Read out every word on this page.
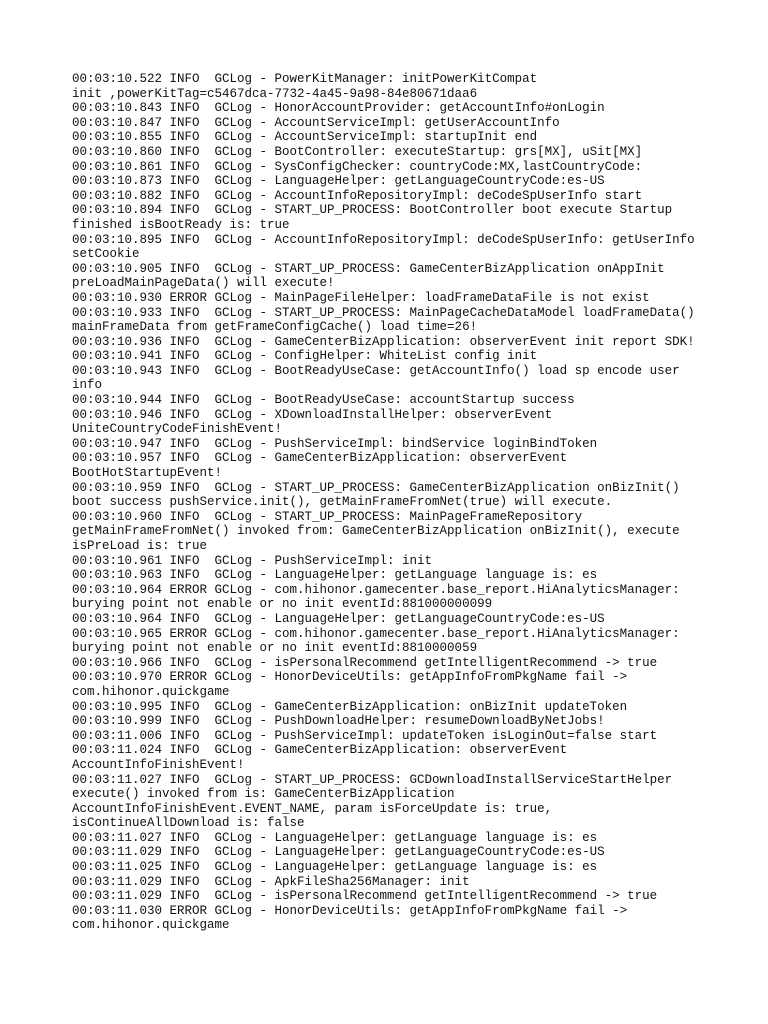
00:03:10.522 INFO  GCLog - PowerKitManager: initPowerKitCompat
init ,powerKitTag=c5467dca-7732-4a45-9a98-84e80671daa6
00:03:10.843 INFO  GCLog - HonorAccountProvider: getAccountInfo#onLogin
00:03:10.847 INFO  GCLog - AccountServiceImpl: getUserAccountInfo
00:03:10.855 INFO  GCLog - AccountServiceImpl: startupInit end
00:03:10.860 INFO  GCLog - BootController: executeStartup: grs[MX], uSit[MX]
00:03:10.861 INFO  GCLog - SysConfigChecker: countryCode:MX,lastCountryCode:
00:03:10.873 INFO  GCLog - LanguageHelper: getLanguageCountryCode:es-US
00:03:10.882 INFO  GCLog - AccountInfoRepositoryImpl: deCodeSpUserInfo start
00:03:10.894 INFO  GCLog - START_UP_PROCESS: BootController boot execute Startup
finished isBootReady is: true
00:03:10.895 INFO  GCLog - AccountInfoRepositoryImpl: deCodeSpUserInfo: getUserInfo
setCookie
00:03:10.905 INFO  GCLog - START_UP_PROCESS: GameCenterBizApplication onAppInit
preLoadMainPageData() will execute!
00:03:10.930 ERROR GCLog - MainPageFileHelper: loadFrameDataFile is not exist
00:03:10.933 INFO  GCLog - START_UP_PROCESS: MainPageCacheDataModel loadFrameData()
mainFrameData from getFrameConfigCache() load time=26!
00:03:10.936 INFO  GCLog - GameCenterBizApplication: observerEvent init report SDK!
00:03:10.941 INFO  GCLog - ConfigHelper: WhiteList config init
00:03:10.943 INFO  GCLog - BootReadyUseCase: getAccountInfo() load sp encode user
info
00:03:10.944 INFO  GCLog - BootReadyUseCase: accountStartup success
00:03:10.946 INFO  GCLog - XDownloadInstallHelper: observerEvent
UniteCountryCodeFinishEvent!
00:03:10.947 INFO  GCLog - PushServiceImpl: bindService loginBindToken
00:03:10.957 INFO  GCLog - GameCenterBizApplication: observerEvent
BootHotStartupEvent!
00:03:10.959 INFO  GCLog - START_UP_PROCESS: GameCenterBizApplication onBizInit()
boot success pushService.init(), getMainFrameFromNet(true) will execute.
00:03:10.960 INFO  GCLog - START_UP_PROCESS: MainPageFrameRepository
getMainFrameFromNet() invoked from: GameCenterBizApplication onBizInit(), execute
isPreLoad is: true
00:03:10.961 INFO  GCLog - PushServiceImpl: init
00:03:10.963 INFO  GCLog - LanguageHelper: getLanguage language is: es
00:03:10.964 ERROR GCLog - com.hihonor.gamecenter.base_report.HiAnalyticsManager:
burying point not enable or no init eventId:881000000099
00:03:10.964 INFO  GCLog - LanguageHelper: getLanguageCountryCode:es-US
00:03:10.965 ERROR GCLog - com.hihonor.gamecenter.base_report.HiAnalyticsManager:
burying point not enable or no init eventId:8810000059
00:03:10.966 INFO  GCLog - isPersonalRecommend getIntelligentRecommend -> true
00:03:10.970 ERROR GCLog - HonorDeviceUtils: getAppInfoFromPkgName fail ->
com.hihonor.quickgame
00:03:10.995 INFO  GCLog - GameCenterBizApplication: onBizInit updateToken
00:03:10.999 INFO  GCLog - PushDownloadHelper: resumeDownloadByNetJobs!
00:03:11.006 INFO  GCLog - PushServiceImpl: updateToken isLoginOut=false start
00:03:11.024 INFO  GCLog - GameCenterBizApplication: observerEvent
AccountInfoFinishEvent!
00:03:11.027 INFO  GCLog - START_UP_PROCESS: GCDownloadInstallServiceStartHelper
execute() invoked from is: GameCenterBizApplication
AccountInfoFinishEvent.EVENT_NAME, param isForceUpdate is: true,
isContinueAllDownload is: false
00:03:11.027 INFO  GCLog - LanguageHelper: getLanguage language is: es
00:03:11.029 INFO  GCLog - LanguageHelper: getLanguageCountryCode:es-US
00:03:11.025 INFO  GCLog - LanguageHelper: getLanguage language is: es
00:03:11.029 INFO  GCLog - ApkFileSha256Manager: init
00:03:11.029 INFO  GCLog - isPersonalRecommend getIntelligentRecommend -> true
00:03:11.030 ERROR GCLog - HonorDeviceUtils: getAppInfoFromPkgName fail ->
com.hihonor.quickgame
